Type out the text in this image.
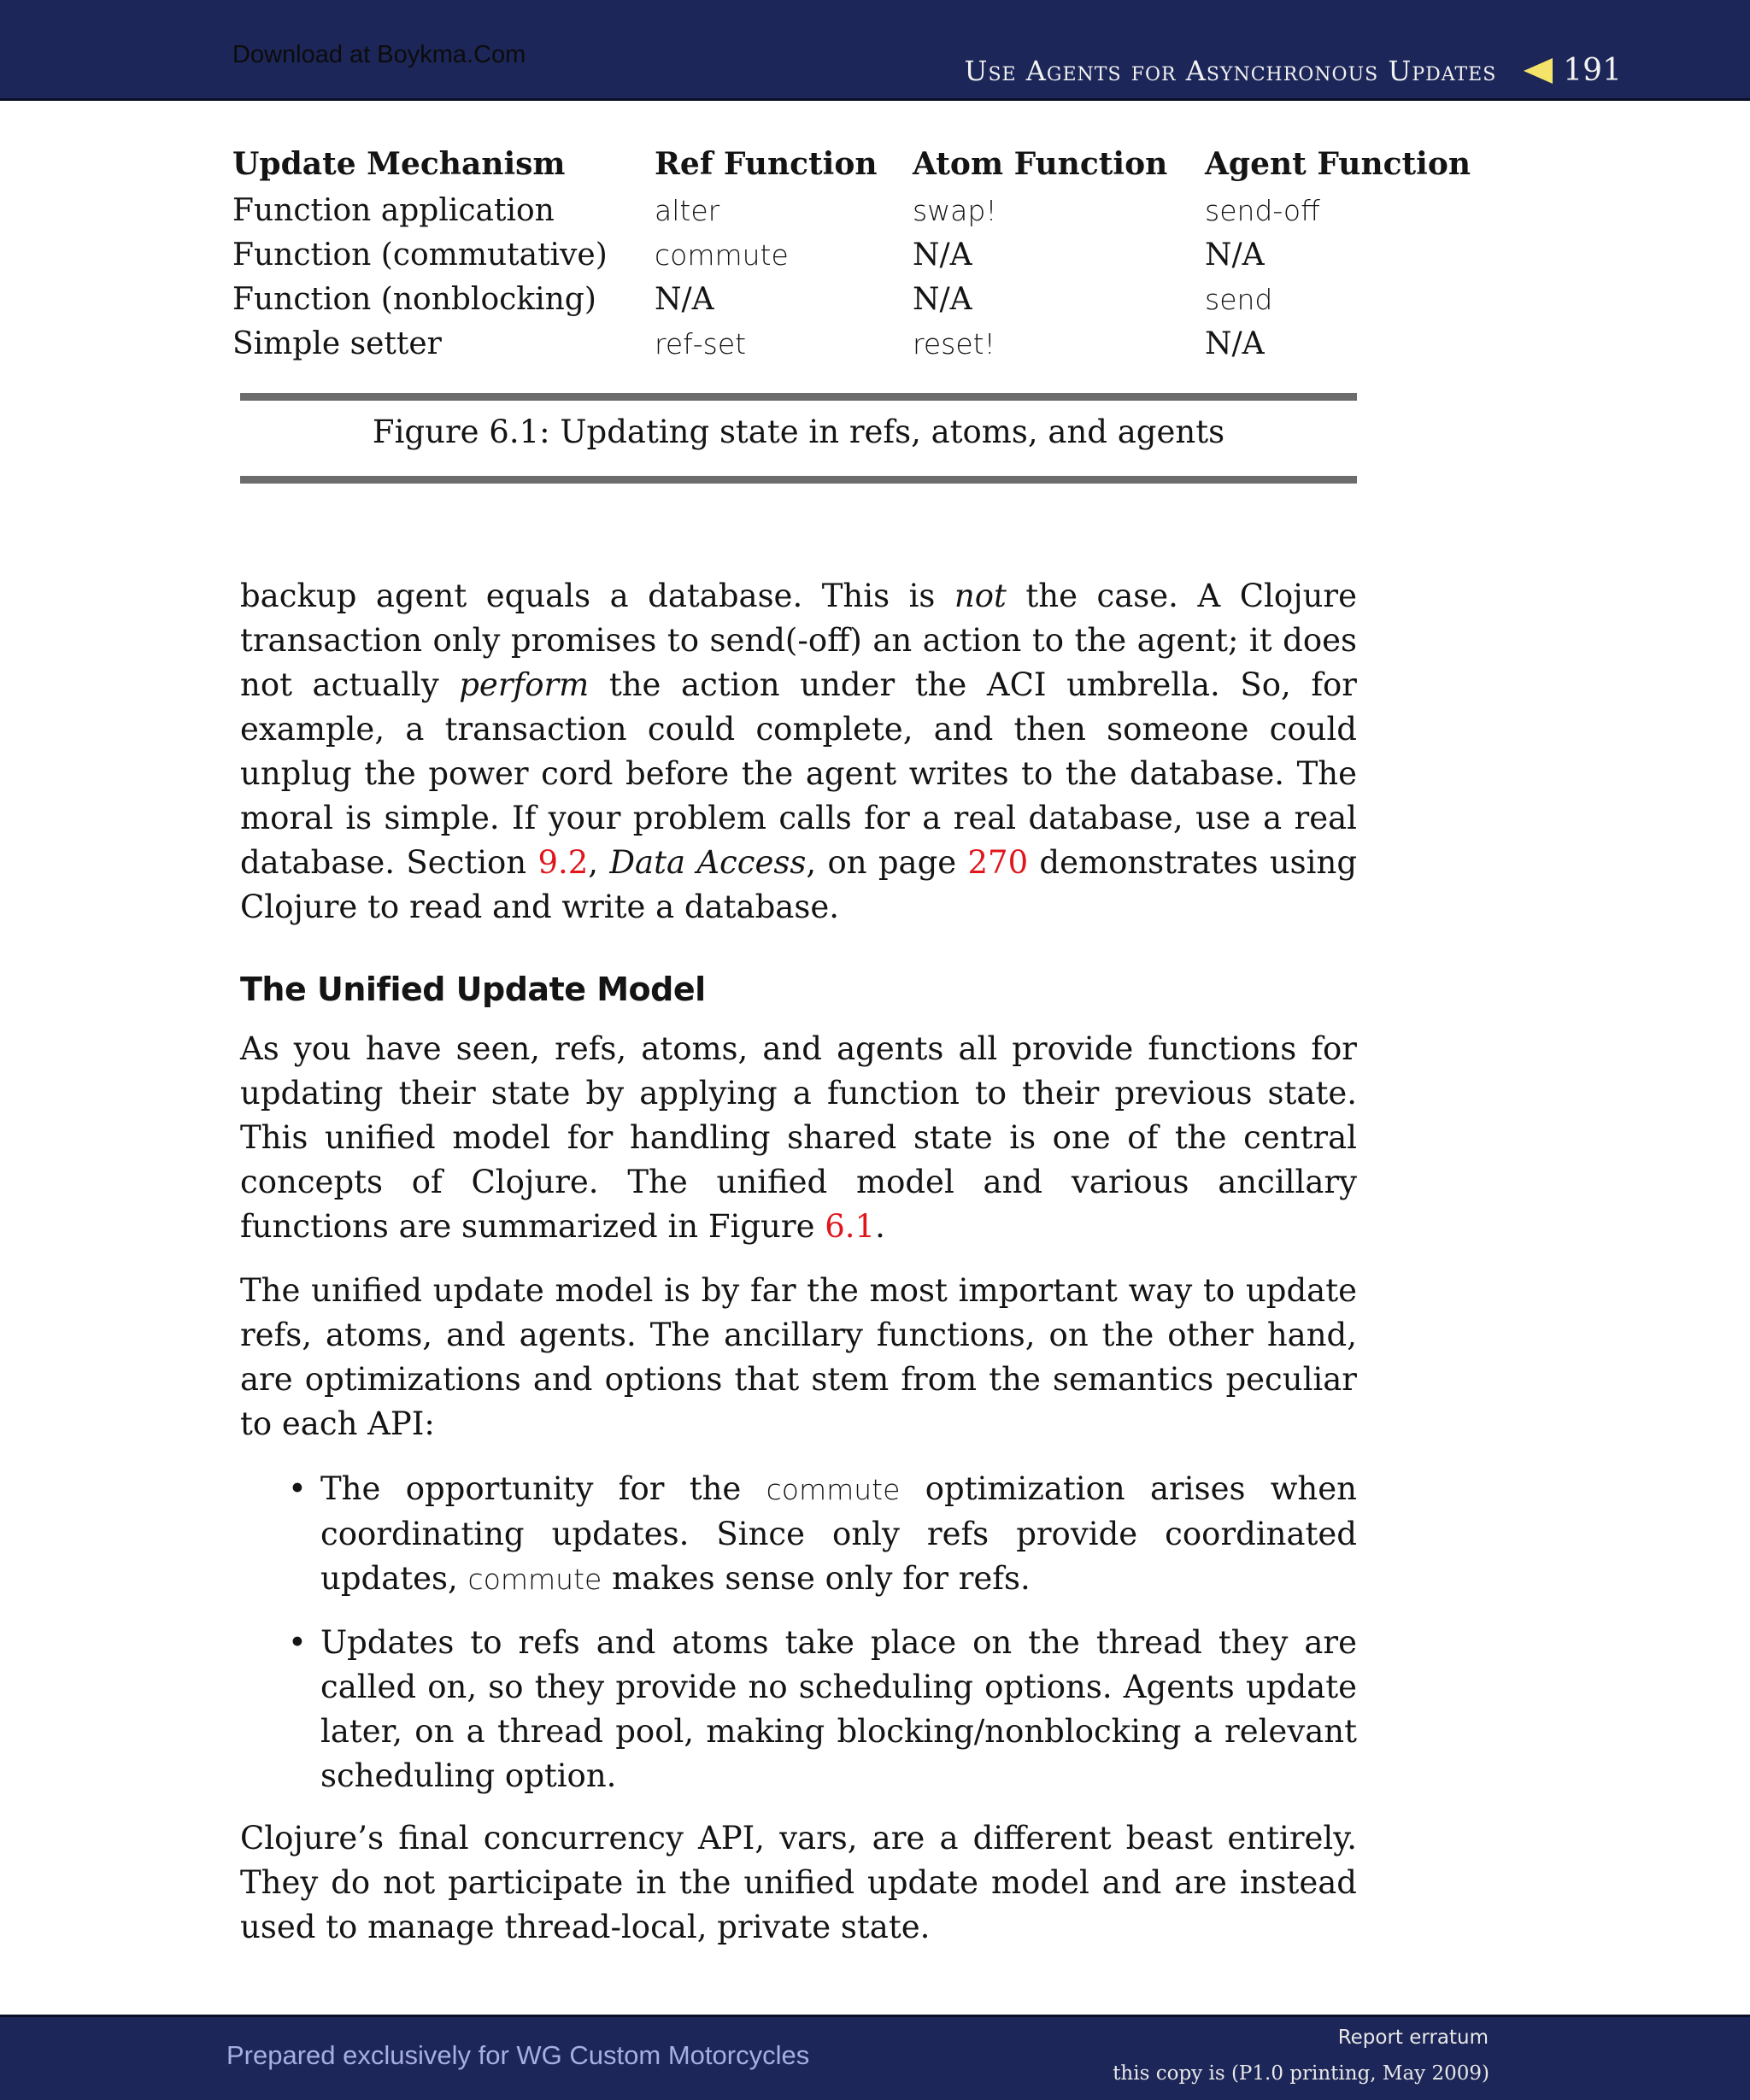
Download at Boykma.Com	Use Agents for Asynchronous Updates 191
Update Mechanism	Ref Function	Atom Function	Agent Function
Function application	alter	swap!	send-off
Function (commutative)	commute	N/A	N/A
Function (nonblocking)	N/A	N/A	send
Simple setter	ref-set	reset!	N/A
Figure 6.1: Updating state in refs, atoms, and agents

backup agent equals a database. This is not the case. A Clojure transaction only promises to send(-off) an action to the agent; it does not actually perform the action under the ACI umbrella. So, for example, a transaction could complete, and then someone could unplug the power cord before the agent writes to the database. The moral is simple. If your problem calls for a real database, use a real database. Section 9.2, Data Access, on page 270 demonstrates using Clojure to read and write a database.

The Unified Update Model

As you have seen, refs, atoms, and agents all provide functions for updating their state by applying a function to their previous state. This unified model for handling shared state is one of the central concepts of Clojure. The unified model and various ancillary functions are summarized in Figure 6.1.

The unified update model is by far the most important way to update refs, atoms, and agents. The ancillary functions, on the other hand, are optimizations and options that stem from the semantics peculiar to each API:

• The opportunity for the commute optimization arises when coordinating updates. Since only refs provide coordinated updates, commute makes sense only for refs.
• Updates to refs and atoms take place on the thread they are called on, so they provide no scheduling options. Agents update later, on a thread pool, making blocking/nonblocking a relevant scheduling option.

Clojure’s final concurrency API, vars, are a different beast entirely. They do not participate in the unified update model and are instead used to manage thread-local, private state.

Prepared exclusively for WG Custom Motorcycles
Report erratum
this copy is (P1.0 printing, May 2009)
